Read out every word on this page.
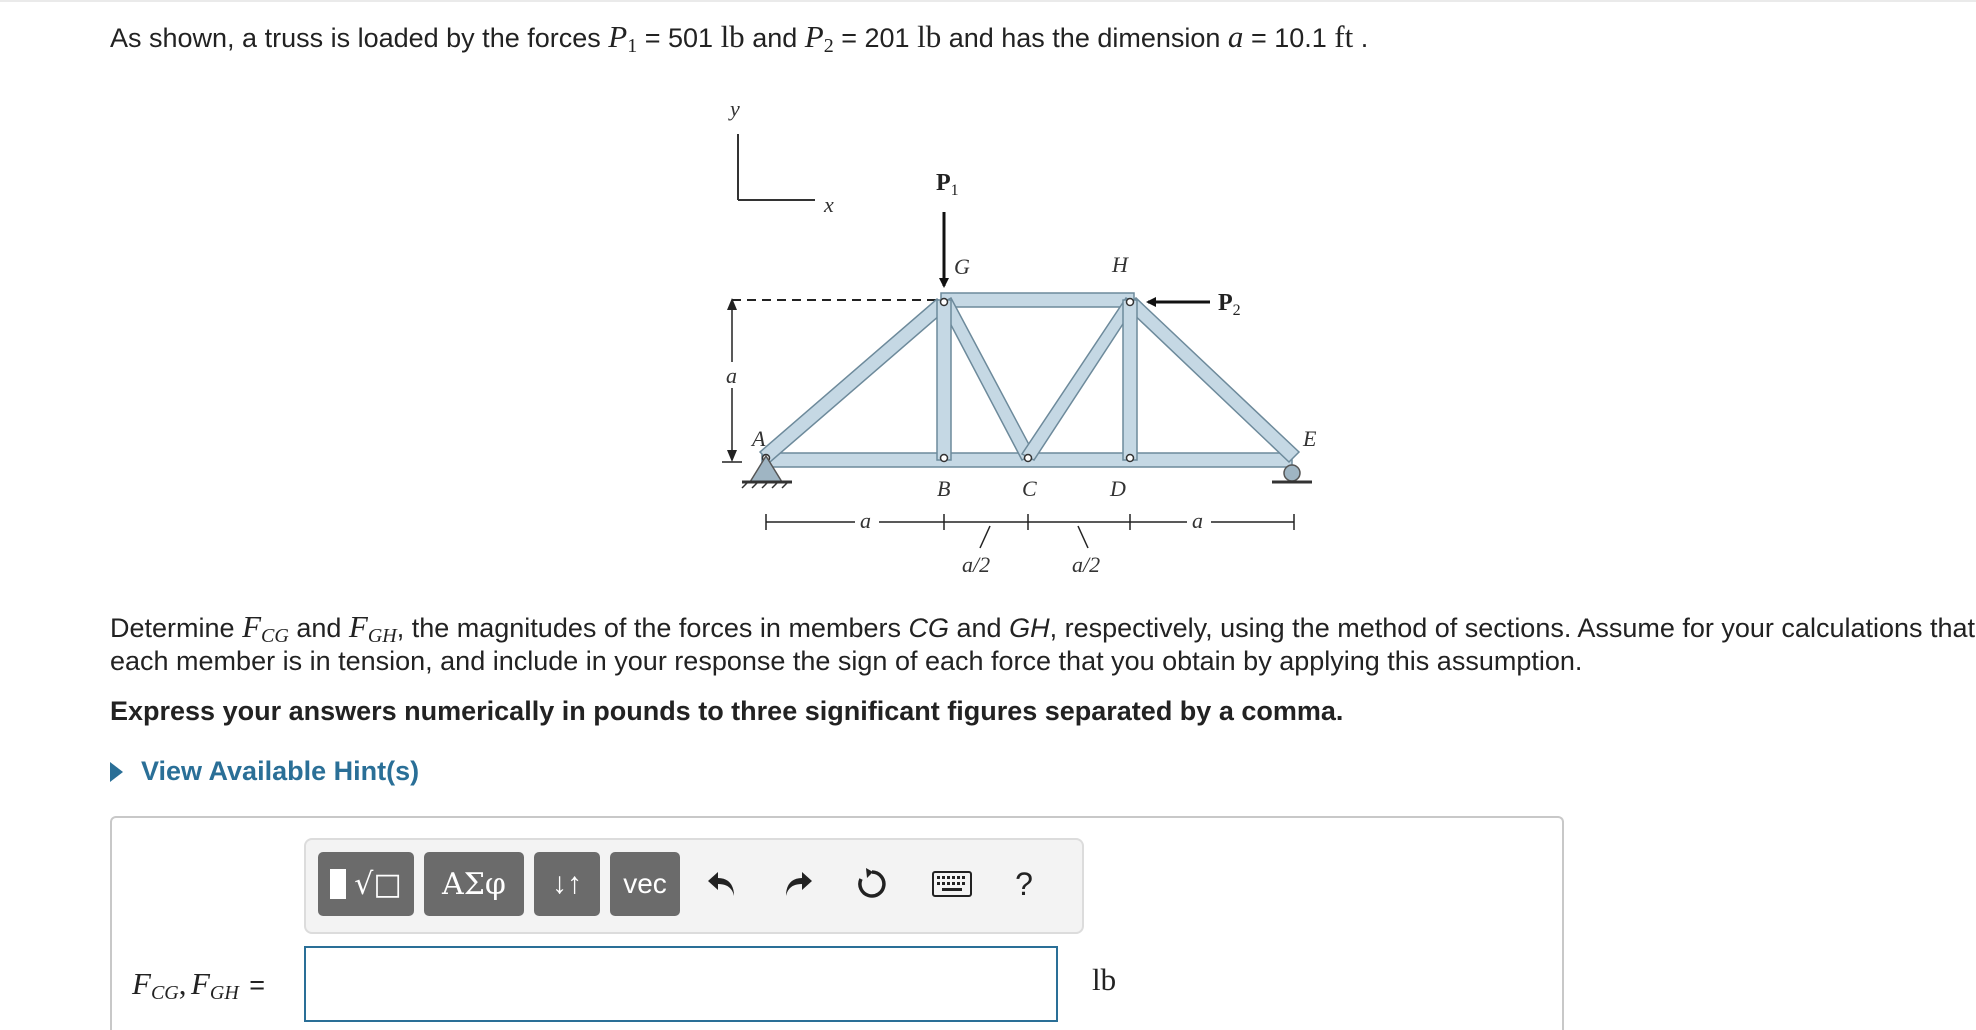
As shown, a truss is loaded by the forces $P_1 = 501$ lb and $P_2 = 201$ lb and has the dimension a = 10.1 ft .
y
x
a
$P_1$
$P_2$
G	H
A
B	C	D
E
a	a
a/2	a/2
Determine $F_{CG}$ and $F_{GH}$, the magnitudes of the forces in members CG and GH, respectively, using the method of sections. Assume for your calculations that
each member is in tension, and include in your response the sign of each force that you obtain by applying this assumption.
Express your answers numerically in pounds to three significant figures separated by a comma.
View Available Hint(s)
√□	ΑΣφ	↓↑	vec	?
$F_{CG}$, $F_{GH}$ =	lb
